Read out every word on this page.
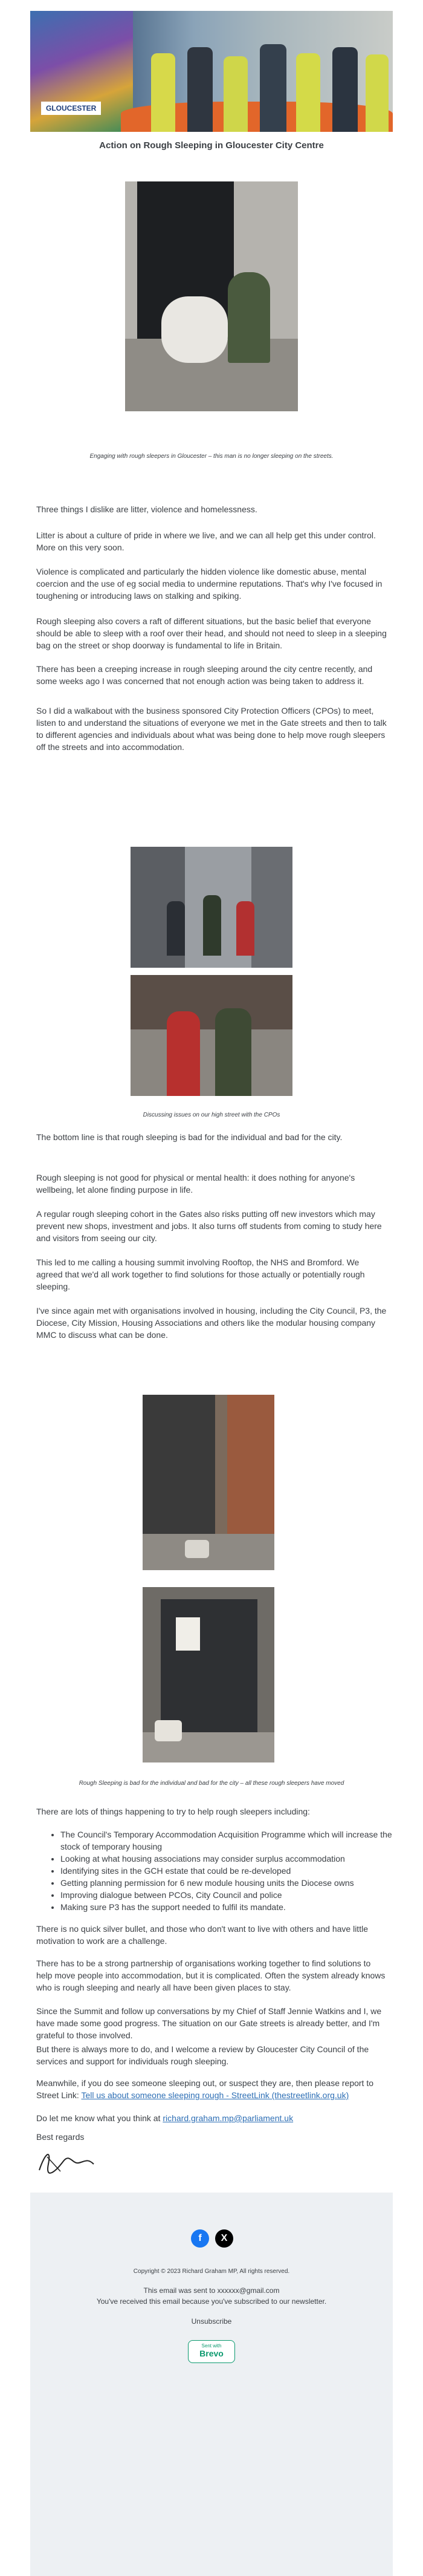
GLOUCESTER
Action on Rough Sleeping in Gloucester City Centre
Engaging with rough sleepers in Gloucester – this man is no longer sleeping on the streets.

Three things I dislike are litter, violence and homelessness.

Litter is about a culture of pride in where we live, and we can all help get this under control. More on this very soon.

Violence is complicated and particularly the hidden violence like domestic abuse, mental coercion and the use of eg social media to undermine reputations. That's why I've focused in toughening or introducing laws on stalking and spiking.

Rough sleeping also covers a raft of different situations, but the basic belief that everyone should be able to sleep with a roof over their head, and should not need to sleep in a sleeping bag on the street or shop doorway is fundamental to life in Britain.

There has been a creeping increase in rough sleeping around the city centre recently, and some weeks ago I was concerned that not enough action was being taken to address it.

So I did a walkabout with the business sponsored City Protection Officers (CPOs) to meet, listen to and understand the situations of everyone we met in the Gate streets and then to talk to different agencies and individuals about what was being done to help move rough sleepers off the streets and into accommodation.

Discussing issues on our high street with the CPOs

The bottom line is that rough sleeping is bad for the individual and bad for the city.

Rough sleeping is not good for physical or mental health: it does nothing for anyone's wellbeing, let alone finding purpose in life.

A regular rough sleeping cohort in the Gates also risks putting off new investors which may prevent new shops, investment and jobs. It also turns off students from coming to study here and visitors from seeing our city.

This led to me calling a housing summit involving Rooftop, the NHS and Bromford. We agreed that we'd all work together to find solutions for those actually or potentially rough sleeping.

I've since again met with organisations involved in housing, including the City Council, P3, the Diocese, City Mission, Housing Associations and others like the modular housing company MMC to discuss what can be done.

Rough Sleeping is bad for the individual and bad for the city – all these rough sleepers have moved

There are lots of things happening to try to help rough sleepers including:

• The Council's Temporary Accommodation Acquisition Programme which will increase the stock of temporary housing
• Looking at what housing associations may consider surplus accommodation
• Identifying sites in the GCH estate that could be re-developed
• Getting planning permission for 6 new module housing units the Diocese owns
• Improving dialogue between PCOs, City Council and police
• Making sure P3 has the support needed to fulfil its mandate.

There is no quick silver bullet, and those who don't want to live with others and have little motivation to work are a challenge.

There has to be a strong partnership of organisations working together to find solutions to help move people into accommodation, but it is complicated. Often the system already knows who is rough sleeping and nearly all have been given places to stay.

Since the Summit and follow up conversations by my Chief of Staff Jennie Watkins and I, we have made some good progress. The situation on our Gate streets is already better, and I'm grateful to those involved.

But there is always more to do, and I welcome a review by Gloucester City Council of the services and support for individuals rough sleeping.

Meanwhile, if you do see someone sleeping out, or suspect they are, then please report to Street Link: Tell us about someone sleeping rough - StreetLink (thestreetlink.org.uk)

Do let me know what you think at richard.graham.mp@parliament.uk

Best regards

f	X
Copyright © 2023 Richard Graham MP, All rights reserved.
This email was sent to xxxxxx@gmail.com
You've received this email because you've subscribed to our newsletter.
Unsubscribe
Sent with
Brevo
